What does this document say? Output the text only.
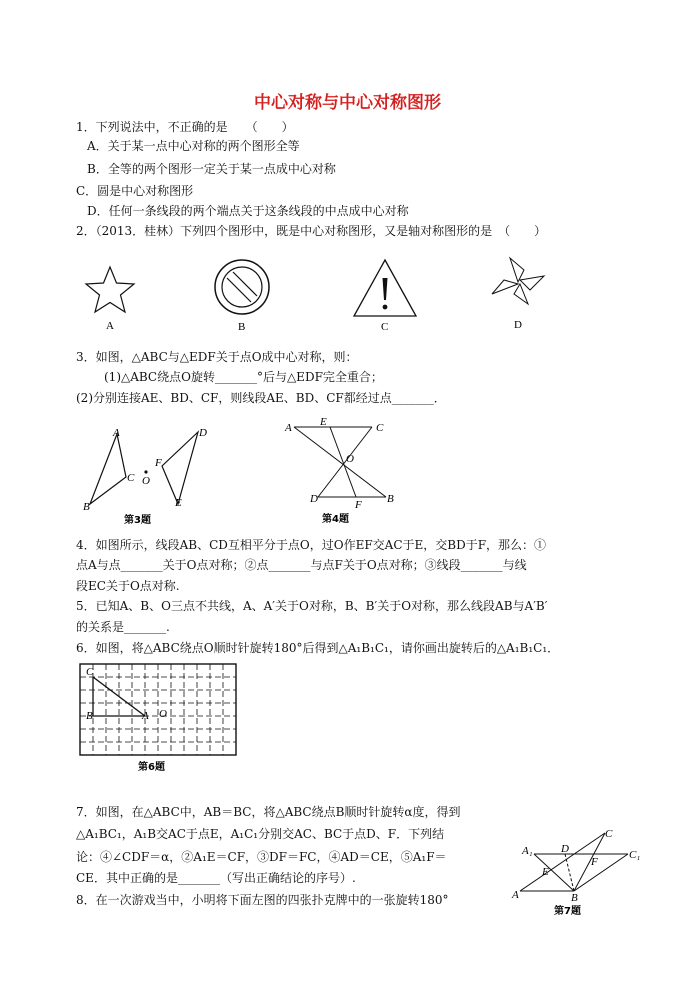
中心对称与中心对称图形
1．下列说法中，不正确的是　　（　　）
A．关于某一点中心对称的两个图形全等
B．全等的两个图形一定关于某一点成中心对称
C．圆是中心对称图形
D．任何一条线段的两个端点关于这条线段的中点成中心对称
2．（2013．桂林）下列四个图形中，既是中心对称图形，又是轴对称图形的是　（　　）
A	B	C	D
3．如图，△ABC与△EDF关于点O成中心对称，则：
(1)△ABC绕点O旋转_______°后与△EDF完全重合；
(2)分别连接AE、BD、CF，则线段AE、BD、CF都经过点_______．
A
B
C O
D
E
F
第3题
A	E	C
O
D	F B
第4题
4．如图所示，线段AB、CD互相平分于点O，过O作EF交AC于E，交BD于F，那么：①
点A与点_______关于O点对称；②点_______与点F关于O点对称；③线段_______与线
段EC关于O点对称.
5．已知A、B、O三点不共线，A、A′关于O对称，B、B′关于O对称，那么线段AB与A′B′
的关系是_______.
6．如图，将△ABC绕点O顺时针旋转180°后得到△A₁B₁C₁，请你画出旋转后的△A₁B₁C₁．
C
B	A O
第6题
7．如图，在△ABC中，AB＝BC，将△ABC绕点B顺时针旋转α度，得到
△A₁BC₁，A₁B交AC于点E，A₁C₁分别交AC、BC于点D、F．下列结
论：④∠CDF＝α，②A₁E＝CF，③DF＝FC，④AD＝CE，⑤A₁F＝
CE．其中正确的是_______（写出正确结论的序号）.
A₁	D
C
C₁
E
F
A	B
第7题
8．在一次游戏当中，小明将下面左图的四张扑克牌中的一张旋转180°
